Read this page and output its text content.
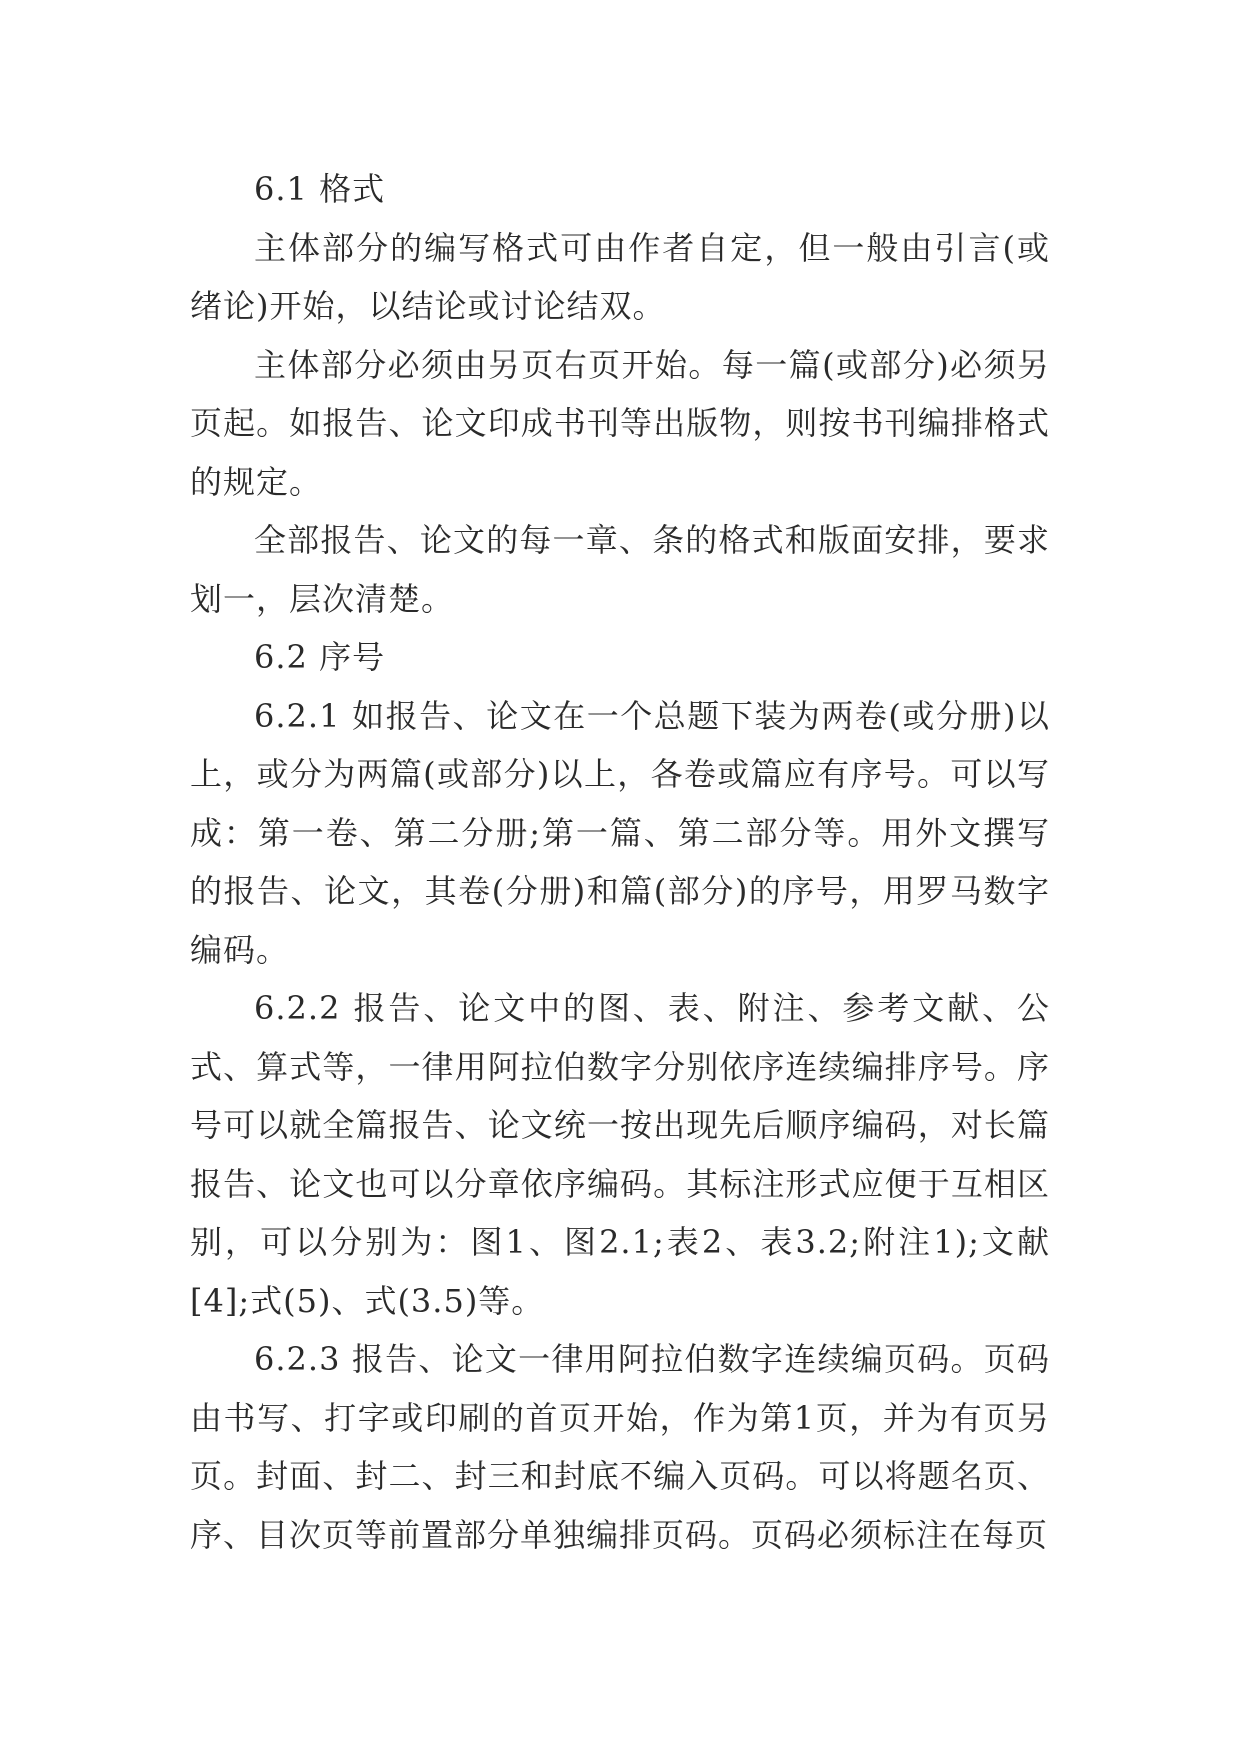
6.1 格式

主体部分的编写格式可由作者自定，但一般由引言(或绪论)开始，以结论或讨论结双。

主体部分必须由另页右页开始。每一篇(或部分)必须另页起。如报告、论文印成书刊等出版物，则按书刊编排格式的规定。

全部报告、论文的每一章、条的格式和版面安排，要求划一，层次清楚。

6.2 序号

6.2.1 如报告、论文在一个总题下装为两卷(或分册)以上，或分为两篇(或部分)以上，各卷或篇应有序号。可以写成：第一卷、第二分册;第一篇、第二部分等。用外文撰写的报告、论文，其卷(分册)和篇(部分)的序号，用罗马数字编码。

6.2.2 报告、论文中的图、表、附注、参考文献、公式、算式等，一律用阿拉伯数字分别依序连续编排序号。序号可以就全篇报告、论文统一按出现先后顺序编码，对长篇报告、论文也可以分章依序编码。其标注形式应便于互相区别，可以分别为：图1、图2.1;表2、表3.2;附注1);文献[4];式(5)、式(3.5)等。

6.2.3 报告、论文一律用阿拉伯数字连续编页码。页码由书写、打字或印刷的首页开始，作为第1页，并为有页另页。封面、封二、封三和封底不编入页码。可以将题名页、序、目次页等前置部分单独编排页码。页码必须标注在每页
